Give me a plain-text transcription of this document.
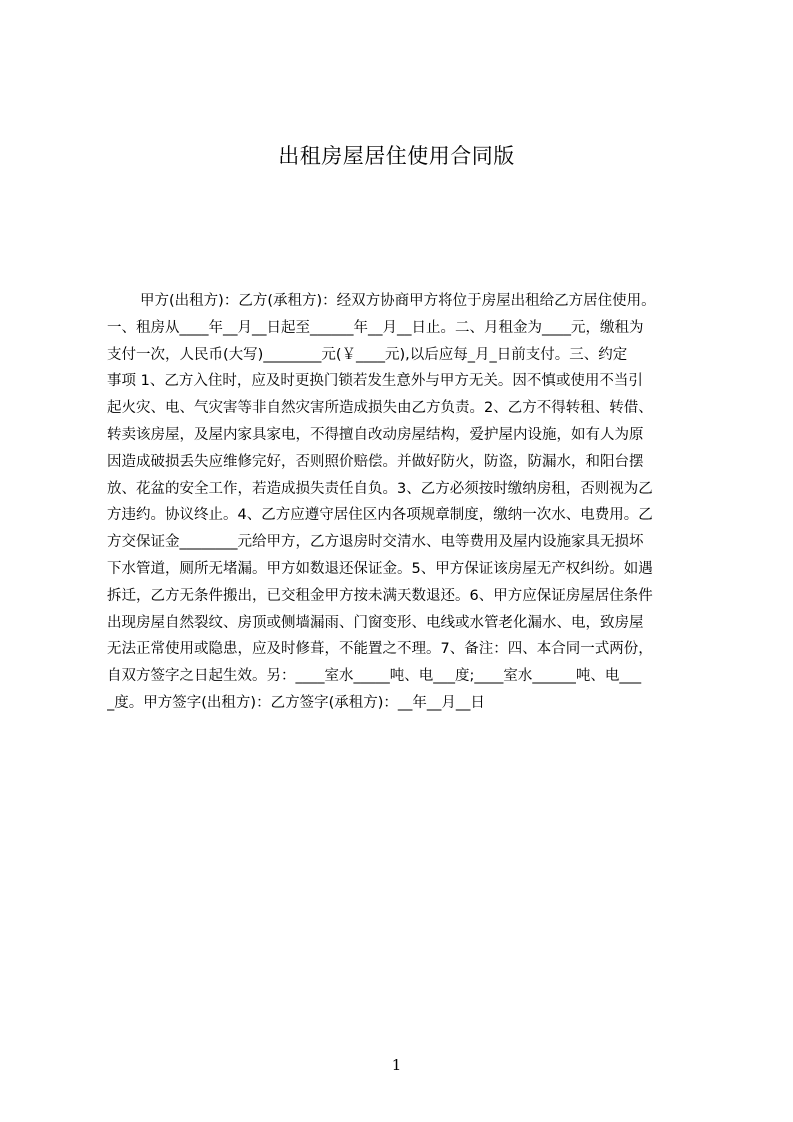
出租房屋居住使用合同版
甲方(出租方)：乙方(承租方)：经双方协商甲方将位于房屋出租给乙方居住使用。
一、租房从____年__月__日起至______年__月__日止。二、月租金为____元，缴租为
支付一次，人民币(大写)________元(￥____元),以后应每_月_日前支付。三、约定
事项 1、乙方入住时，应及时更换门锁若发生意外与甲方无关。因不慎或使用不当引
起火灾、电、气灾害等非自然灾害所造成损失由乙方负责。2、乙方不得转租、转借、
转卖该房屋，及屋内家具家电，不得擅自改动房屋结构，爱护屋内设施，如有人为原
因造成破损丢失应维修完好，否则照价赔偿。并做好防火，防盗，防漏水，和阳台摆
放、花盆的安全工作，若造成损失责任自负。3、乙方必须按时缴纳房租，否则视为乙
方违约。协议终止。4、乙方应遵守居住区内各项规章制度，缴纳一次水、电费用。乙
方交保证金________元给甲方，乙方退房时交清水、电等费用及屋内设施家具无损坏
下水管道，厕所无堵漏。甲方如数退还保证金。5、甲方保证该房屋无产权纠纷。如遇
拆迁，乙方无条件搬出，已交租金甲方按未满天数退还。6、甲方应保证房屋居住条件
出现房屋自然裂纹、房顶或侧墙漏雨、门窗变形、电线或水管老化漏水、电，致房屋
无法正常使用或隐患，应及时修葺，不能置之不理。7、备注：四、本合同一式两份，
自双方签字之日起生效。另：____室水_____吨、电___度;____室水______吨、电___
_度。甲方签字(出租方)：乙方签字(承租方)：__年__月__日
1
